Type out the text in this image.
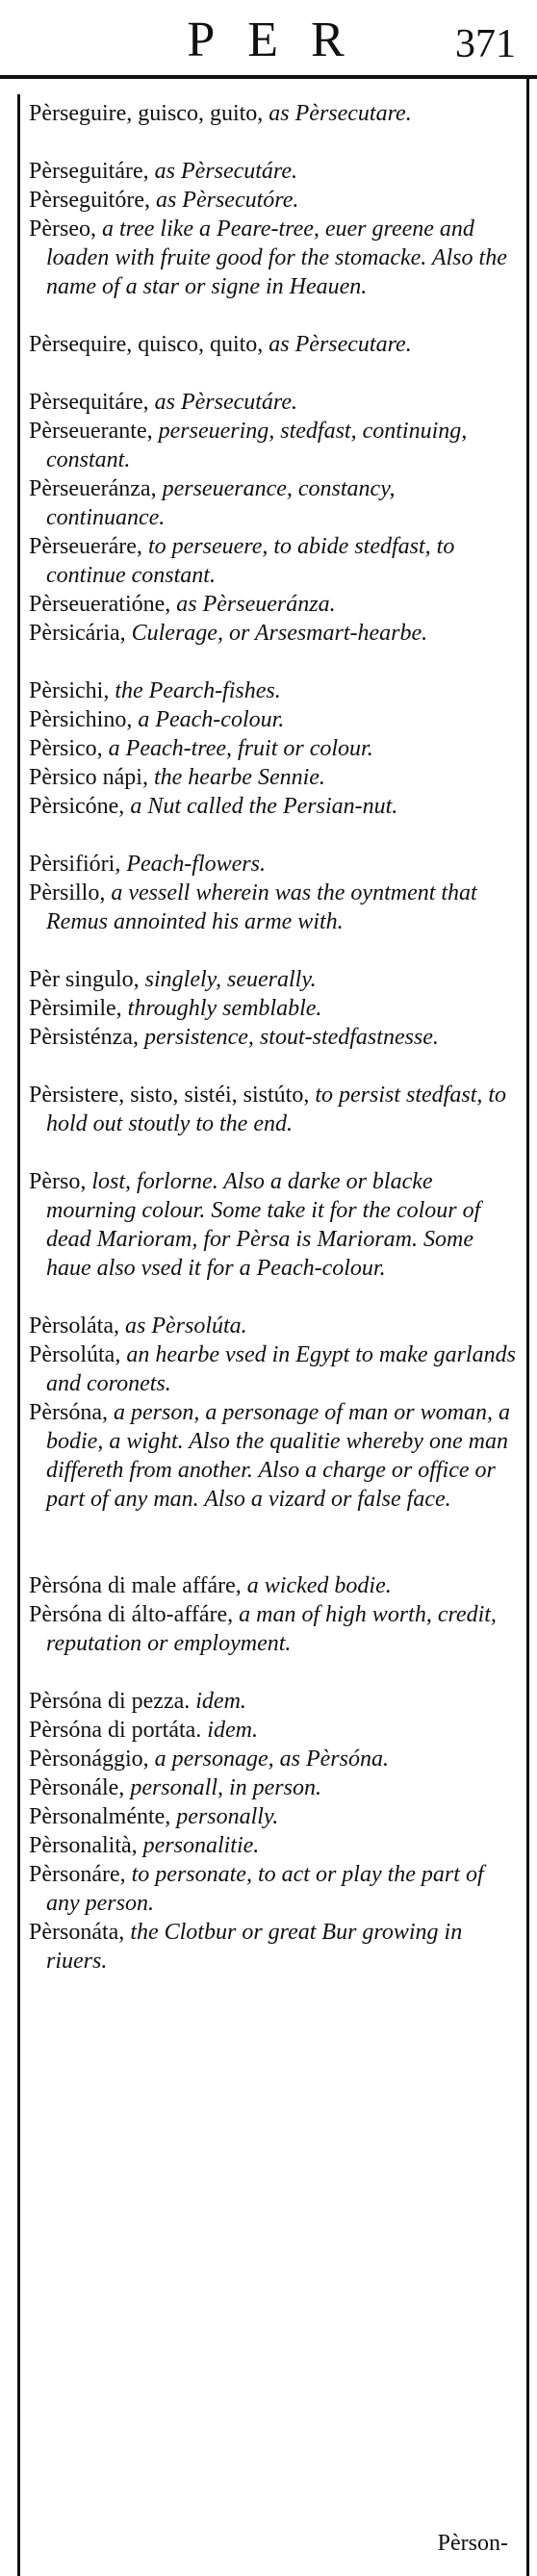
PER	371
Pèrseguire, guisco, guito, as Pèrsecutare.
Pèrseguitáre, as Pèrsecutáre.
Pèrseguitóre, as Pèrsecutóre.
Pèrseo, a tree like a Peare-tree, euer greene and loaden with fruite good for the stomacke. Also the name of a star or signe in Heauen.
Pèrsequire, quisco, quito, as Pèrsecutare.
Pèrsequitáre, as Pèrsecutáre.
Pèrseuerante, perseuering, stedfast, continuing, constant.
Pèrseueránza, perseuerance, constancy, continuance.
Pèrseueráre, to perseuere, to abide stedfast, to continue constant.
Pèrseueratióne, as Pèrseueránza.
Pèrsicária, Culerage, or Arsesmart-hearbe.
Pèrsichi, the Pearch-fishes.
Pèrsichino, a Peach-colour.
Pèrsico, a Peach-tree, fruit or colour.
Pèrsico nápi, the hearbe Sennie.
Pèrsicóne, a Nut called the Persian-nut.
Pèrsifióri, Peach-flowers.
Pèrsillo, a vessell wherein was the oyntment that Remus annointed his arme with.
Pèr singulo, singlely, seuerally.
Pèrsimile, throughly semblable.
Pèrsisténza, persistence, stout-stedfastnesse.
Pèrsistere, sisto, sistéi, sistúto, to persist stedfast, to hold out stoutly to the end.
Pèrso, lost, forlorne. Also a darke or blacke mourning colour. Some take it for the colour of dead Marioram, for Pèrsa is Marioram. Some haue also vsed it for a Peach-colour.
Pèrsoláta, as Pèrsolúta.
Pèrsolúta, an hearbe vsed in Egypt to make garlands and coronets.
Pèrsóna, a person, a personage of man or woman, a bodie, a wight. Also the qualitie whereby one man differeth from another. Also a charge or office or part of any man. Also a vizard or false face.
Pèrsóna di male affáre, a wicked bodie.
Pèrsóna di álto-affáre, a man of high worth, credit, reputation or employment.
Pèrsóna di pezza. idem.
Pèrsóna di portáta. idem.
Pèrsonággio, a personage, as Pèrsóna.
Pèrsonále, personall, in person.
Pèrsonalménte, personally.
Pèrsonalità, personalitie.
Pèrsonáre, to personate, to act or play the part of any person.
Pèrsonáta, the Clotbur or great Bur growing in riuers.
Pèrson-
